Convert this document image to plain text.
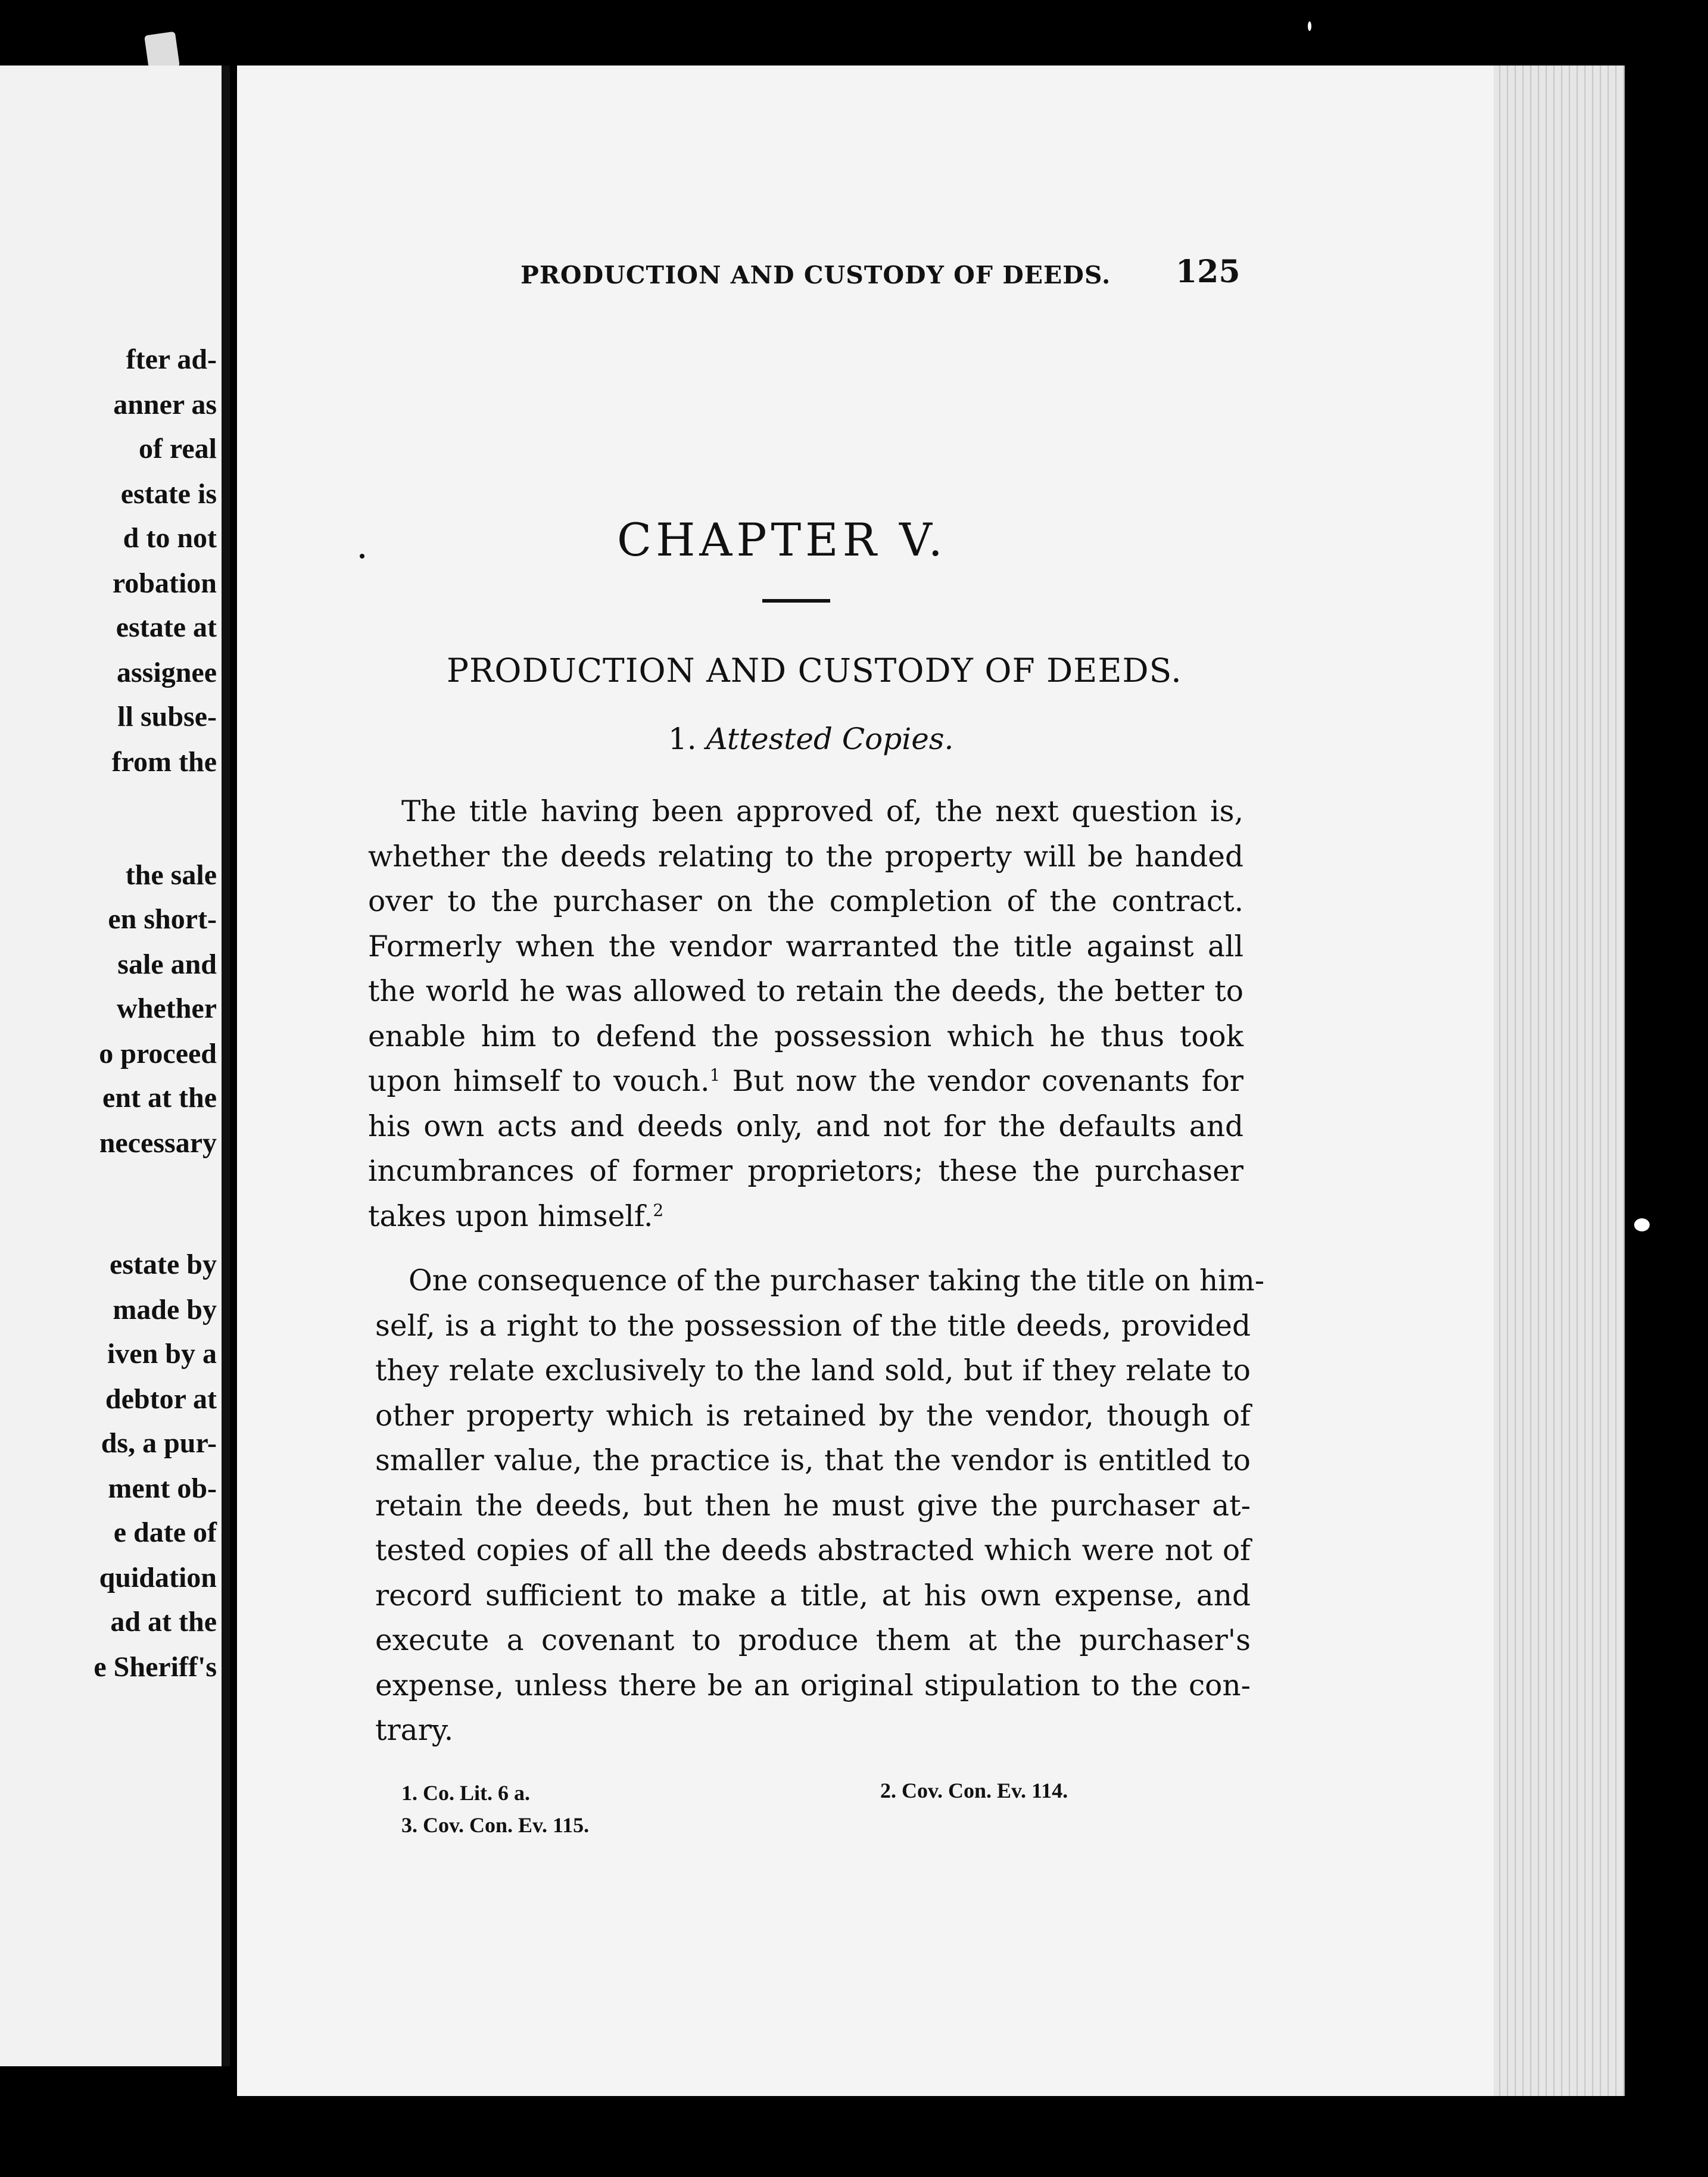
fter ad-
anner as
of real
estate is
d to not
robation
estate at
assignee
ll subse-
from the
the sale
en short-
sale and
whether
o proceed
ent at the
necessary
estate by
made by
iven by a
debtor at
ds, a pur-
ment ob-
e date of
quidation
ad at the
e Sheriff's
PRODUCTION AND CUSTODY OF DEEDS. 125
CHAPTER V.
PRODUCTION AND CUSTODY OF DEEDS.
1. Attested Copies.
The title having been approved of, the next question is,
whether the deeds relating to the property will be handed
over to the purchaser on the completion of the contract.
Formerly when the vendor warranted the title against all
the world he was allowed to retain the deeds, the better to
enable him to defend the possession which he thus took
upon himself to vouch.$^1$ But now the vendor covenants for
his own acts and deeds only, and not for the defaults and
incumbrances of former proprietors; these the purchaser
takes upon himself.$^2$
One consequence of the purchaser taking the title on him-
self, is a right to the possession of the title deeds, provided
they relate exclusively to the land sold, but if they relate to
other property which is retained by the vendor, though of
smaller value, the practice is, that the vendor is entitled to
retain the deeds, but then he must give the purchaser at-
tested copies of all the deeds abstracted which were not of
record sufficient to make a title, at his own expense, and
execute a covenant to produce them at the purchaser's
expense, unless there be an original stipulation to the con-
trary.
1. Co. Lit. 6 a.	2. Cov. Con. Ev. 114.
3. Cov. Con. Ev. 115.
